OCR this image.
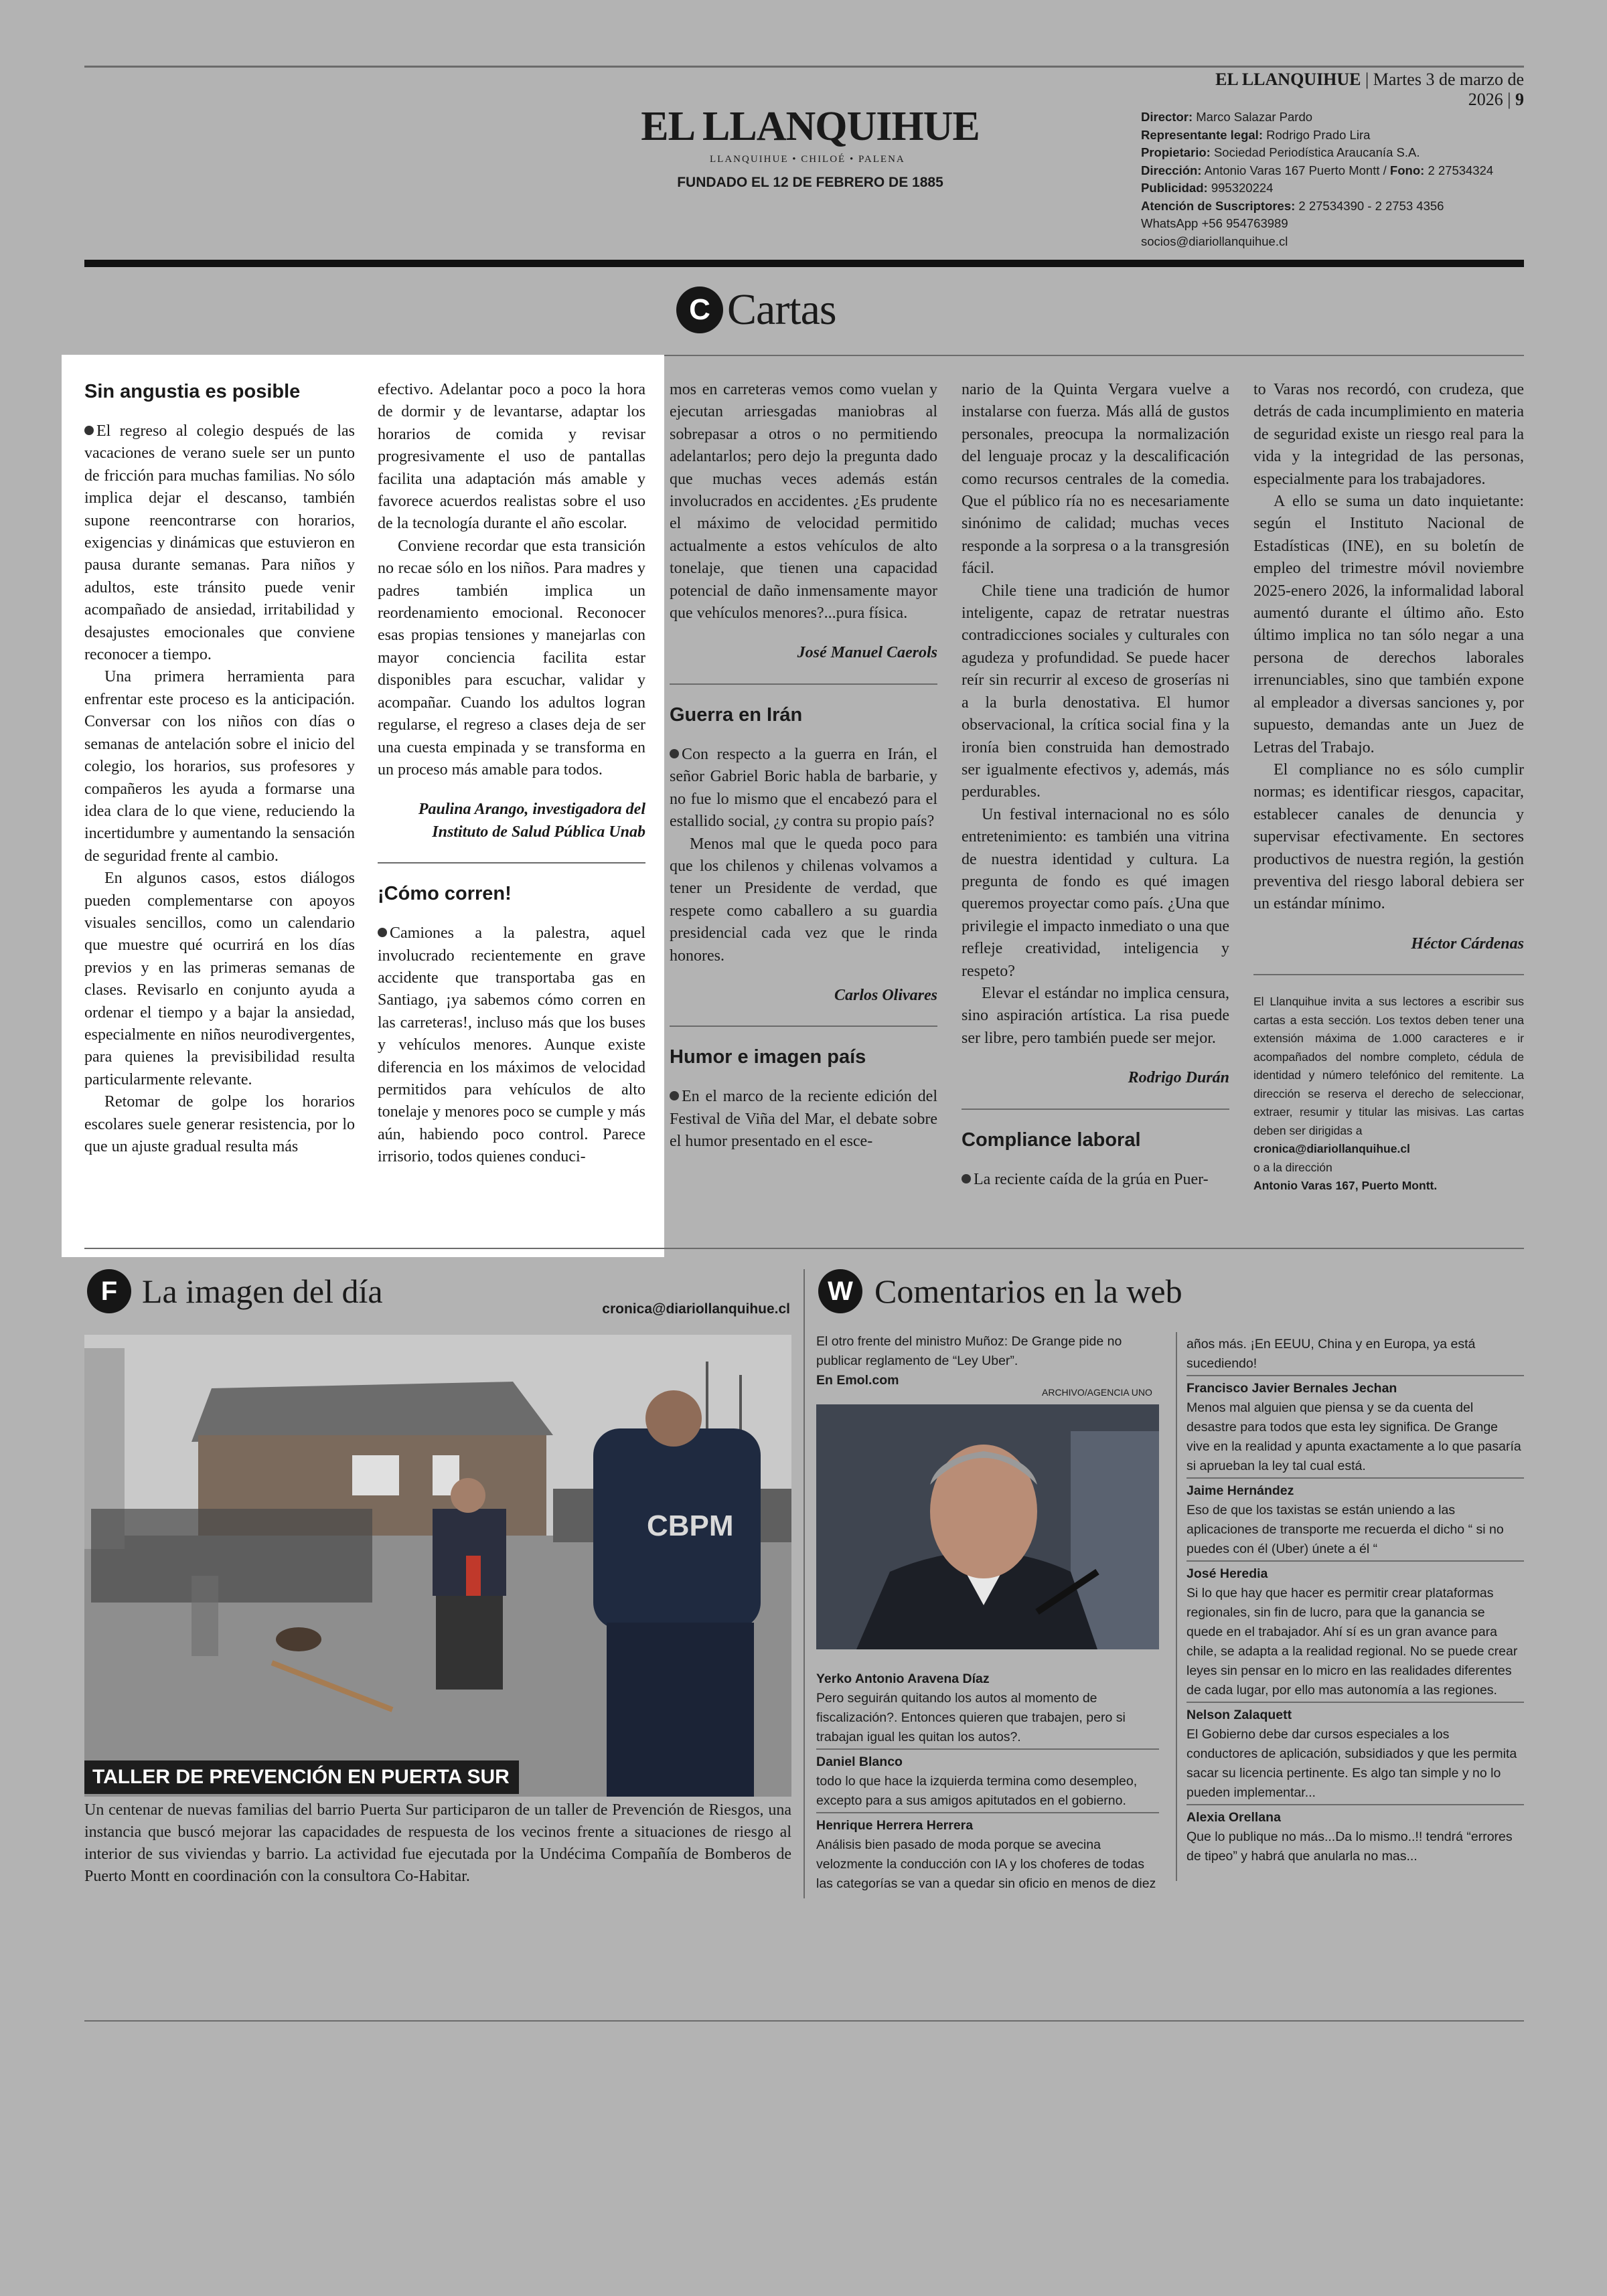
EL LLANQUIHUE | Martes 3 de marzo de 2026 | 9
EL LLANQUIHUE
LLANQUIHUE • CHILOÉ • PALENA
FUNDADO EL 12 DE FEBRERO DE 1885
Director: Marco Salazar Pardo
Representante legal: Rodrigo Prado Lira
Propietario: Sociedad Periodística Araucanía S.A.
Dirección: Antonio Varas 167 Puerto Montt / Fono: 2 27534324
Publicidad: 995320224
Atención de Suscriptores: 2 27534390 - 2 2753 4356
WhatsApp +56 954763989
socios@diariollanquihue.cl
C Cartas
Sin angustia es posible

El regreso al colegio después de las vacaciones de verano suele ser un punto de fricción para muchas familias. No sólo implica dejar el descanso, también supone reencontrarse con horarios, exigencias y dinámicas que estuvieron en pausa durante semanas. Para niños y adultos, este tránsito puede venir acompañado de ansiedad, irritabilidad y desajustes emocionales que conviene reconocer a tiempo.

Una primera herramienta para enfrentar este proceso es la anticipación. Conversar con los niños con días o semanas de antelación sobre el inicio del colegio, los horarios, sus profesores y compañeros les ayuda a formarse una idea clara de lo que viene, reduciendo la incertidumbre y aumentando la sensación de seguridad frente al cambio.

En algunos casos, estos diálogos pueden complementarse con apoyos visuales sencillos, como un calendario que muestre qué ocurrirá en los días previos y en las primeras semanas de clases. Revisarlo en conjunto ayuda a ordenar el tiempo y a bajar la ansiedad, especialmente en niños neurodivergentes, para quienes la previsibilidad resulta particularmente relevante.

Retomar de golpe los horarios escolares suele generar resistencia, por lo que un ajuste gradual resulta más

efectivo. Adelantar poco a poco la hora de dormir y de levantarse, adaptar los horarios de comida y revisar progresivamente el uso de pantallas facilita una adaptación más amable y favorece acuerdos realistas sobre el uso de la tecnología durante el año escolar.

Conviene recordar que esta transición no recae sólo en los niños. Para madres y padres también implica un reordenamiento emocional. Reconocer esas propias tensiones y manejarlas con mayor conciencia facilita estar disponibles para escuchar, validar y acompañar. Cuando los adultos logran regularse, el regreso a clases deja de ser una cuesta empinada y se transforma en un proceso más amable para todos.

Paulina Arango, investigadora del Instituto de Salud Pública Unab
¡Cómo corren!

Camiones a la palestra, aquel involucrado recientemente en grave accidente que transportaba gas en Santiago, ¡ya sabemos cómo corren en las carreteras!, incluso más que los buses y vehículos menores. Aunque existe diferencia en los máximos de velocidad permitidos para vehículos de alto tonelaje y menores poco se cumple y más aún, habiendo poco control. Parece irrisorio, todos quienes conduci-

mos en carreteras vemos como vuelan y ejecutan arriesgadas maniobras al sobrepasar a otros o no permitiendo adelantarlos; pero dejo la pregunta dado que muchas veces además están involucrados en accidentes. ¿Es prudente el máximo de velocidad permitido actualmente a estos vehículos de alto tonelaje, que tienen una capacidad potencial de daño inmensamente mayor que vehículos menores?...pura física.

José Manuel Caerols
Guerra en Irán

Con respecto a la guerra en Irán, el señor Gabriel Boric habla de barbarie, y no fue lo mismo que el encabezó para el estallido social, ¿y contra su propio país?

Menos mal que le queda poco para que los chilenos y chilenas volvamos a tener un Presidente de verdad, que respete como caballero a su guardia presidencial cada vez que le rinda honores.

Carlos Olivares
Humor e imagen país

En el marco de la reciente edición del Festival de Viña del Mar, el debate sobre el humor presentado en el esce-

nario de la Quinta Vergara vuelve a instalarse con fuerza. Más allá de gustos personales, preocupa la normalización del lenguaje procaz y la descalificación como recursos centrales de la comedia. Que el público ría no es necesariamente sinónimo de calidad; muchas veces responde a la sorpresa o a la transgresión fácil.

Chile tiene una tradición de humor inteligente, capaz de retratar nuestras contradicciones sociales y culturales con agudeza y profundidad. Se puede hacer reír sin recurrir al exceso de groserías ni a la burla denostativa. El humor observacional, la crítica social fina y la ironía bien construida han demostrado ser igualmente efectivos y, además, más perdurables.

Un festival internacional no es sólo entretenimiento: es también una vitrina de nuestra identidad y cultura. La pregunta de fondo es qué imagen queremos proyectar como país. ¿Una que privilegie el impacto inmediato o una que refleje creatividad, inteligencia y respeto?

Elevar el estándar no implica censura, sino aspiración artística. La risa puede ser libre, pero también puede ser mejor.

Rodrigo Durán
Compliance laboral

La reciente caída de la grúa en Puer-

to Varas nos recordó, con crudeza, que detrás de cada incumplimiento en materia de seguridad existe un riesgo real para la vida y la integridad de las personas, especialmente para los trabajadores.

A ello se suma un dato inquietante: según el Instituto Nacional de Estadísticas (INE), en su boletín de empleo del trimestre móvil noviembre 2025-enero 2026, la informalidad laboral aumentó durante el último año. Esto último implica no tan sólo negar a una persona de derechos laborales irrenunciables, sino que también expone al empleador a diversas sanciones y, por supuesto, demandas ante un Juez de Letras del Trabajo.

El compliance no es sólo cumplir normas; es identificar riesgos, capacitar, establecer canales de denuncia y supervisar efectivamente. En sectores productivos de nuestra región, la gestión preventiva del riesgo laboral debiera ser un estándar mínimo.

Héctor Cárdenas
El Llanquihue invita a sus lectores a escribir sus cartas a esta sección. Los textos deben tener una extensión máxima de 1.000 caracteres e ir acompañados del nombre completo, cédula de identidad y número telefónico del remitente. La dirección se reserva el derecho de seleccionar, extraer, resumir y titular las misivas. Las cartas deben ser dirigidas a
cronica@diariollanquihue.cl
o a la dirección
Antonio Varas 167, Puerto Montt.
F La imagen del día	cronica@diariollanquihue.cl
CBPM
TALLER DE PREVENCIÓN EN PUERTA SUR
Un centenar de nuevas familias del barrio Puerta Sur participaron de un taller de Prevención de Riesgos, una instancia que buscó mejorar las capacidades de respuesta de los vecinos frente a situaciones de riesgo al interior de sus viviendas y barrio. La actividad fue ejecutada por la Undécima Compañía de Bomberos de Puerto Montt en coordinación con la consultora Co-Habitar.
W Comentarios en la web
El otro frente del ministro Muñoz: De Grange pide no publicar reglamento de “Ley Uber”.
En Emol.com
ARCHIVO/AGENCIA UNO
Yerko Antonio Aravena Díaz
Pero seguirán quitando los autos al momento de fiscalización?. Entonces quieren que trabajen, pero si trabajan igual les quitan los autos?.
Daniel Blanco
todo lo que hace la izquierda termina como desempleo, excepto para a sus amigos apitutados en el gobierno.
Henrique Herrera Herrera
Análisis bien pasado de moda porque se avecina velozmente la conducción con IA y los choferes de todas las categorías se van a quedar sin oficio en menos de diez
años más. ¡En EEUU, China y en Europa, ya está sucediendo!
Francisco Javier Bernales Jechan
Menos mal alguien que piensa y se da cuenta del desastre para todos que esta ley significa. De Grange vive en la realidad y apunta exactamente a lo que pasaría si aprueban la ley tal cual está.
Jaime Hernández
Eso de que los taxistas se están uniendo a las aplicaciones de transporte me recuerda el dicho “ si no puedes con él (Uber) únete a él “
José Heredia
Si lo que hay que hacer es permitir crear plataformas regionales, sin fin de lucro, para que la ganancia se quede en el trabajador. Ahí sí es un gran avance para chile, se adapta a la realidad regional. No se puede crear leyes sin pensar en lo micro en las realidades diferentes de cada lugar, por ello mas autonomía a las regiones.
Nelson Zalaquett
El Gobierno debe dar cursos especiales a los conductores de aplicación, subsidiados y que les permita sacar su licencia pertinente. Es algo tan simple y no lo pueden implementar...
Alexia Orellana
Que lo publique no más...Da lo mismo..!! tendrá “errores de tipeo” y habrá que anularla no mas...
